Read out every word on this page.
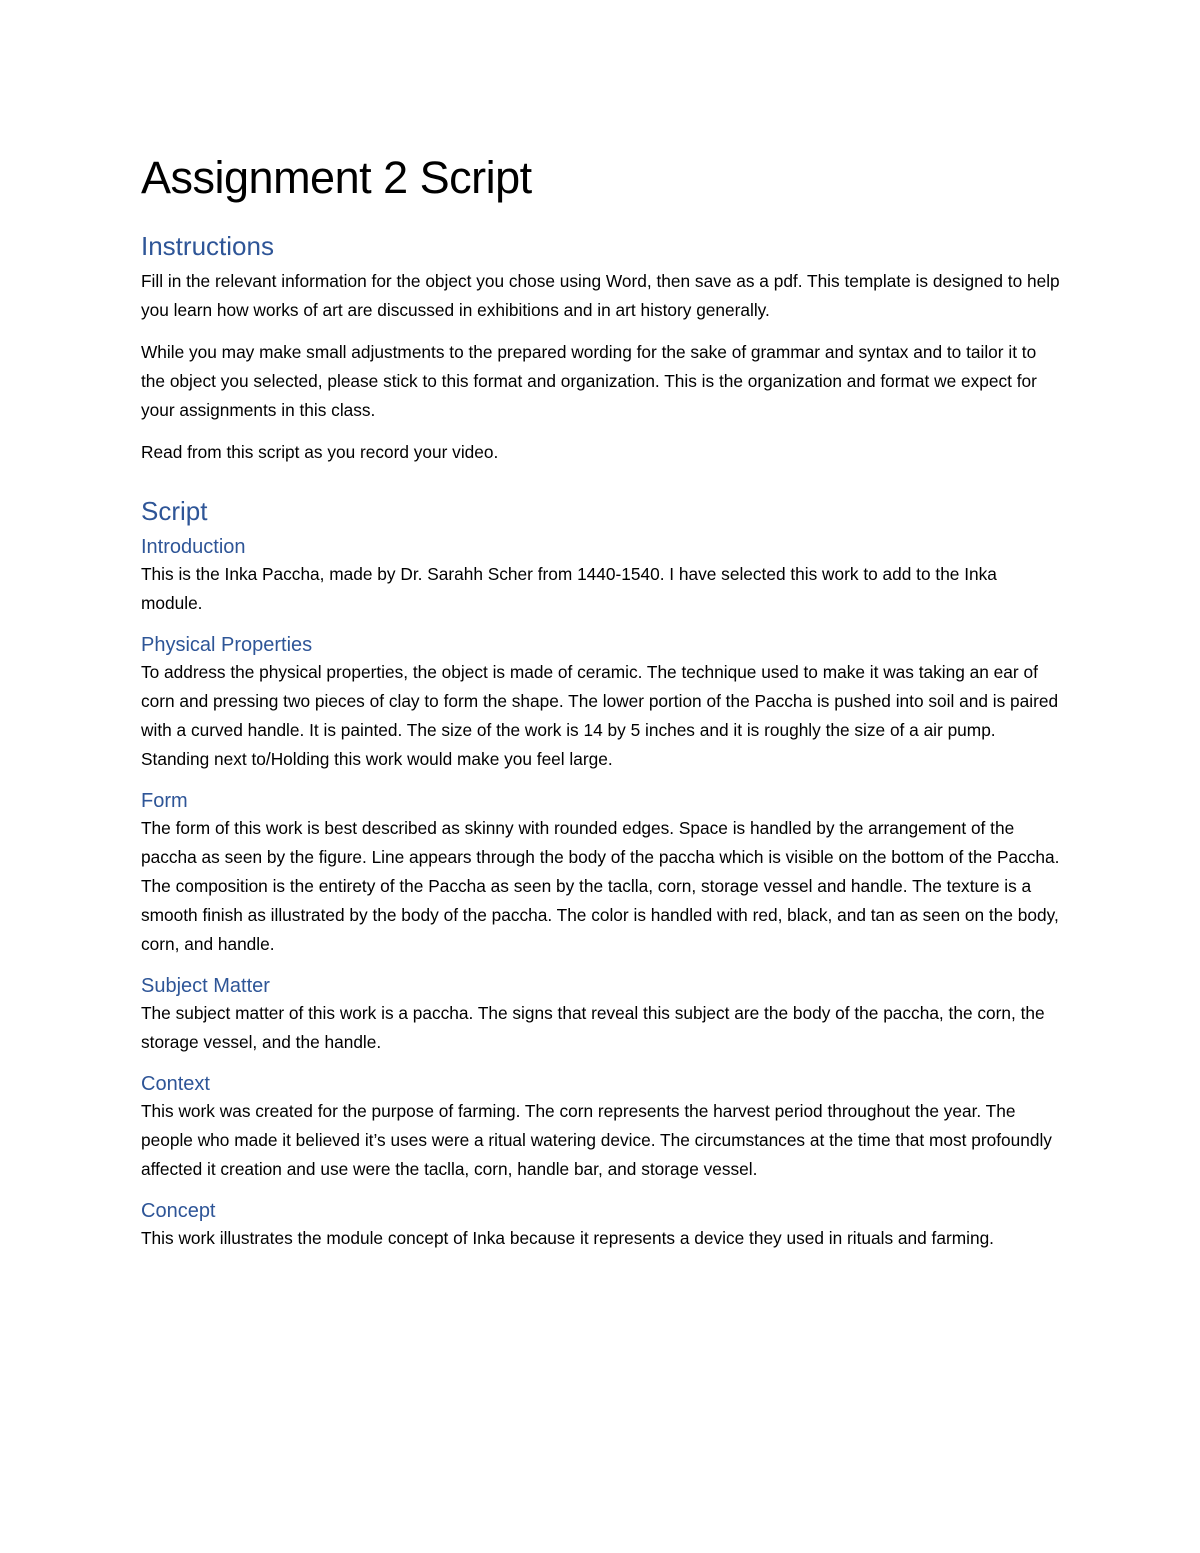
Assignment 2 Script
Instructions

Fill in the relevant information for the object you chose using Word, then save as a pdf. This template is designed to help you learn how works of art are discussed in exhibitions and in art history generally.

While you may make small adjustments to the prepared wording for the sake of grammar and syntax and to tailor it to the object you selected, please stick to this format and organization. This is the organization and format we expect for your assignments in this class.

Read from this script as you record your video.

Script
Introduction

This is the Inka Paccha, made by Dr. Sarahh Scher from 1440-1540. I have selected this work to add to the Inka module.

Physical Properties

To address the physical properties, the object is made of ceramic. The technique used to make it was taking an ear of corn and pressing two pieces of clay to form the shape. The lower portion of the Paccha is pushed into soil and is paired with a curved handle. It is painted. The size of the work is 14 by 5 inches and it is roughly the size of a air pump. Standing next to/Holding this work would make you feel large.

Form

The form of this work is best described as skinny with rounded edges. Space is handled by the arrangement of the paccha as seen by the figure. Line appears through the body of the paccha which is visible on the bottom of the Paccha. The composition is the entirety of the Paccha as seen by the taclla, corn, storage vessel and handle. The texture is a smooth finish as illustrated by the body of the paccha. The color is handled with red, black, and tan as seen on the body, corn, and handle.

Subject Matter

The subject matter of this work is a paccha. The signs that reveal this subject are the body of the paccha, the corn, the storage vessel, and the handle.

Context

This work was created for the purpose of farming. The corn represents the harvest period throughout the year. The people who made it believed it’s uses were a ritual watering device. The circumstances at the time that most profoundly affected it creation and use were the taclla, corn, handle bar, and storage vessel.

Concept

This work illustrates the module concept of Inka because it represents a device they used in rituals and farming.
